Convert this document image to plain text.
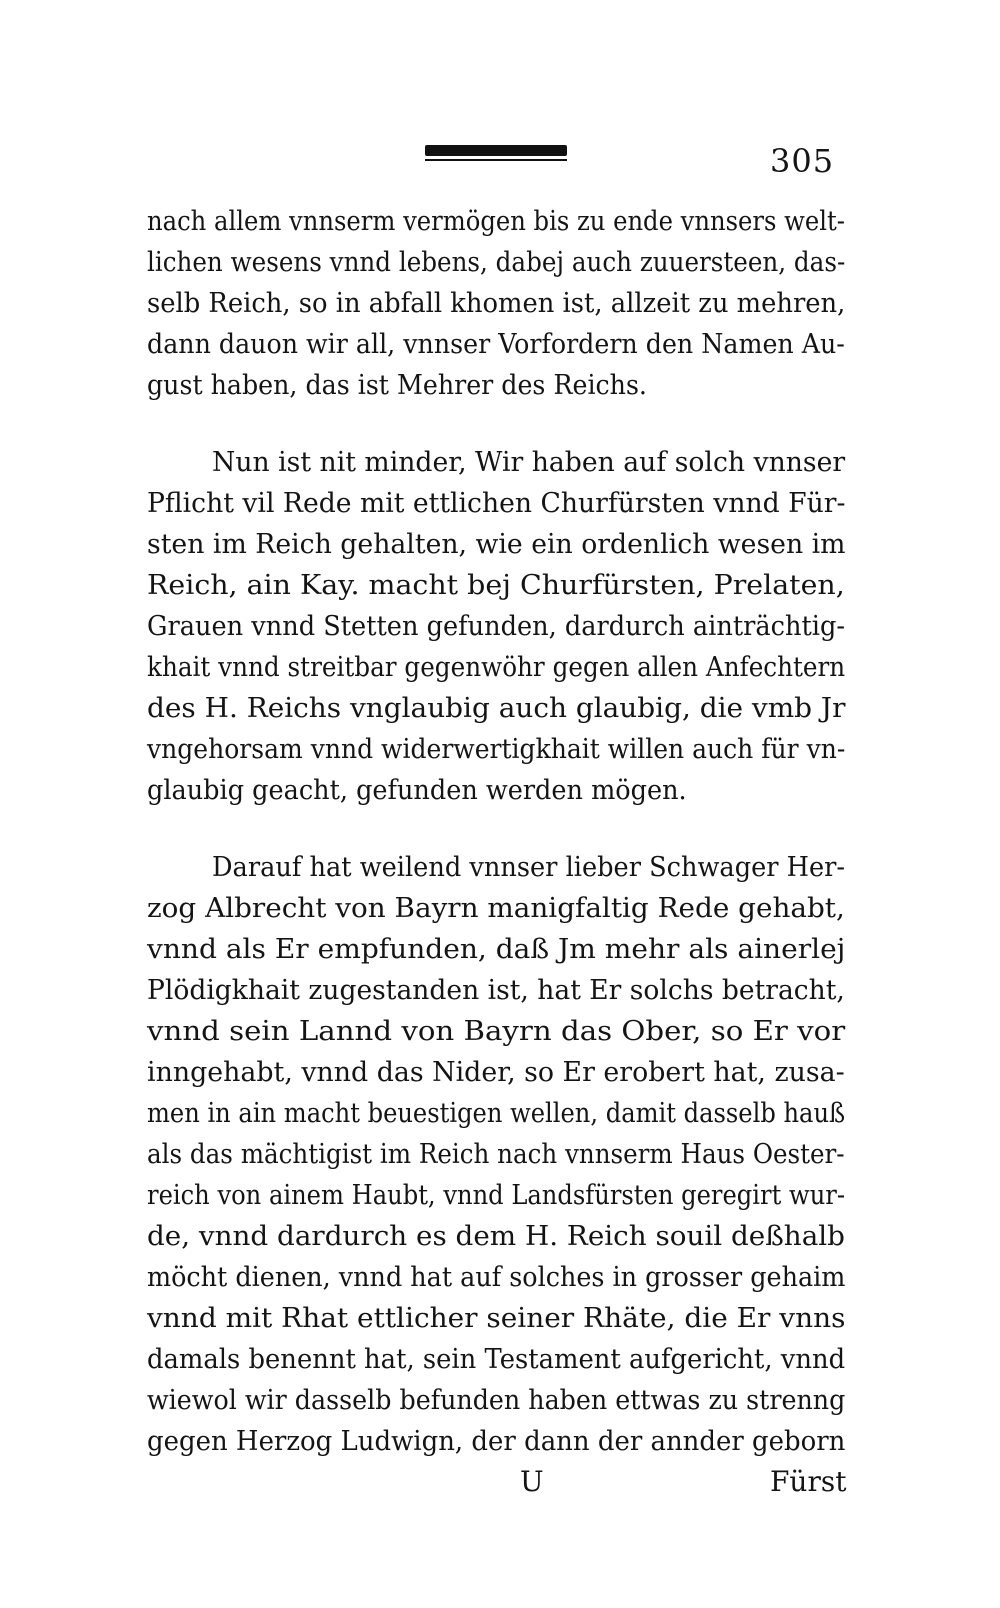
305
nach allem vnnserm vermögen bis zu ende vnnsers welt-
lichen wesens vnnd lebens, dabej auch zuuersteen, das-
selb Reich, so in abfall khomen ist, allzeit zu mehren,
dann dauon wir all, vnnser Vorfordern den Namen Au-
gust haben, das ist Mehrer des Reichs.
Nun ist nit minder, Wir haben auf solch vnnser
Pflicht vil Rede mit ettlichen Churfürsten vnnd Für-
sten im Reich gehalten, wie ein ordenlich wesen im
Reich, ain Kay. macht bej Churfürsten, Prelaten,
Grauen vnnd Stetten gefunden, dardurch ainträchtig-
khait vnnd streitbar gegenwöhr gegen allen Anfechtern
des H. Reichs vnglaubig auch glaubig, die vmb Jr
vngehorsam vnnd widerwertigkhait willen auch für vn-
glaubig geacht, gefunden werden mögen.
Darauf hat weilend vnnser lieber Schwager Her-
zog Albrecht von Bayrn manigfaltig Rede gehabt,
vnnd als Er empfunden, daß Jm mehr als ainerlej
Plödigkhait zugestanden ist, hat Er solchs betracht,
vnnd sein Lannd von Bayrn das Ober, so Er vor
inngehabt, vnnd das Nider, so Er erobert hat, zusa-
men in ain macht beuestigen wellen, damit dasselb hauß
als das mächtigist im Reich nach vnnserm Haus Oester-
reich von ainem Haubt, vnnd Landsfürsten geregirt wur-
de, vnnd dardurch es dem H. Reich souil deßhalb
möcht dienen, vnnd hat auf solches in grosser gehaim
vnnd mit Rhat ettlicher seiner Rhäte, die Er vnns
damals benennt hat, sein Testament aufgericht, vnnd
wiewol wir dasselb befunden haben ettwas zu strenng
gegen Herzog Ludwign, der dann der annder geborn
U	Fürst
